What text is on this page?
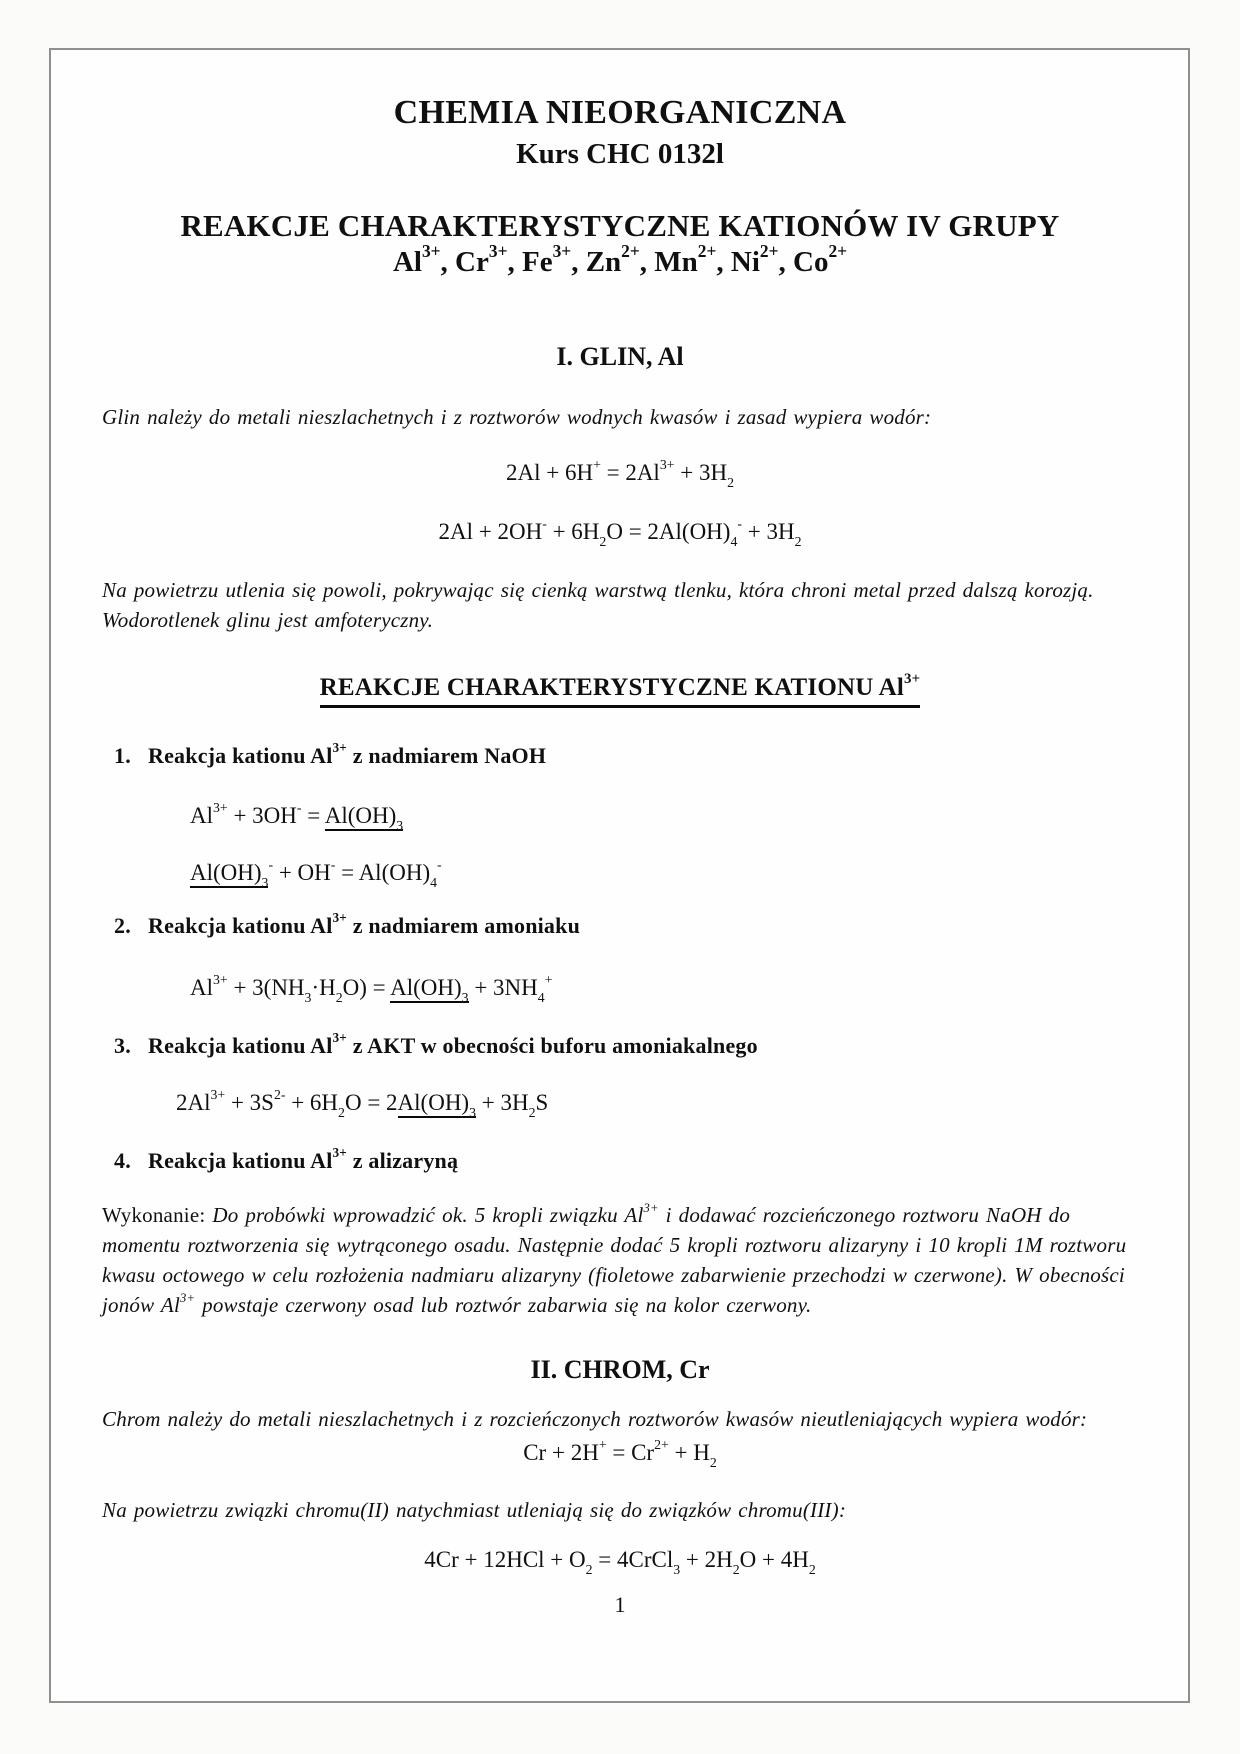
CHEMIA NIEORGANICZNA
Kurs CHC 0132l
REAKCJE CHARAKTERYSTYCZNE KATIONÓW IV GRUPY
$Al^{3+}$, $Cr^{3+}$, $Fe^{3+}$, $Zn^{2+}$, $Mn^{2+}$, $Ni^{2+}$, $Co^{2+}$
I. GLIN, Al

Glin należy do metali nieszlachetnych i z roztworów wodnych kwasów i zasad wypiera wodór:

$2Al + 6H^+ = 2Al^{3+} + 3H_2$
$2Al + 2OH^- + 6H_2O = 2Al(OH)_4^- + 3H_2$

Na powietrzu utlenia się powoli, pokrywając się cienką warstwą tlenku, która chroni metal przed dalszą korozją. Wodorotlenek glinu jest amfoteryczny.

REAKCJE CHARAKTERYSTYCZNE KATIONU $Al^{3+}$
1. Reakcja kationu $Al^{3+}$ z nadmiarem NaOH
$Al^{3+} + 3OH^- = Al(OH)_3$
$Al(OH)_3^- + OH^- = Al(OH)_4^-$
2. Reakcja kationu $Al^{3+}$ z nadmiarem amoniaku
$Al^{3+} + 3(NH_3\cdot H_2O) = Al(OH)_3 + 3NH_4^+$
3. Reakcja kationu $Al^{3+}$ z AKT w obecności buforu amoniakalnego
$2Al^{3+} + 3S^{2-} + 6H_2O = 2Al(OH)_3 + 3H_2S$
4. Reakcja kationu $Al^{3+}$ z alizaryną

Wykonanie: Do probówki wprowadzić ok. 5 kropli związku $Al^{3+}$ i dodawać rozcieńczonego roztworu NaOH do momentu roztworzenia się wytrąconego osadu. Następnie dodać 5 kropli roztworu alizaryny i 10 kropli 1M roztworu kwasu octowego w celu rozłożenia nadmiaru alizaryny (fioletowe zabarwienie przechodzi w czerwone). W obecności jonów $Al^{3+}$ powstaje czerwony osad lub roztwór zabarwia się na kolor czerwony.

II. CHROM, Cr

Chrom należy do metali nieszlachetnych i z rozcieńczonych roztworów kwasów nieutleniających wypiera wodór:

$Cr + 2H^+ = Cr^{2+} + H_2$

Na powietrzu związki chromu(II) natychmiast utleniają się do związków chromu(III):

$4Cr + 12HCl + O_2$ = 4CrCl$_3$ + $2H_2O + 4H_2$
1
